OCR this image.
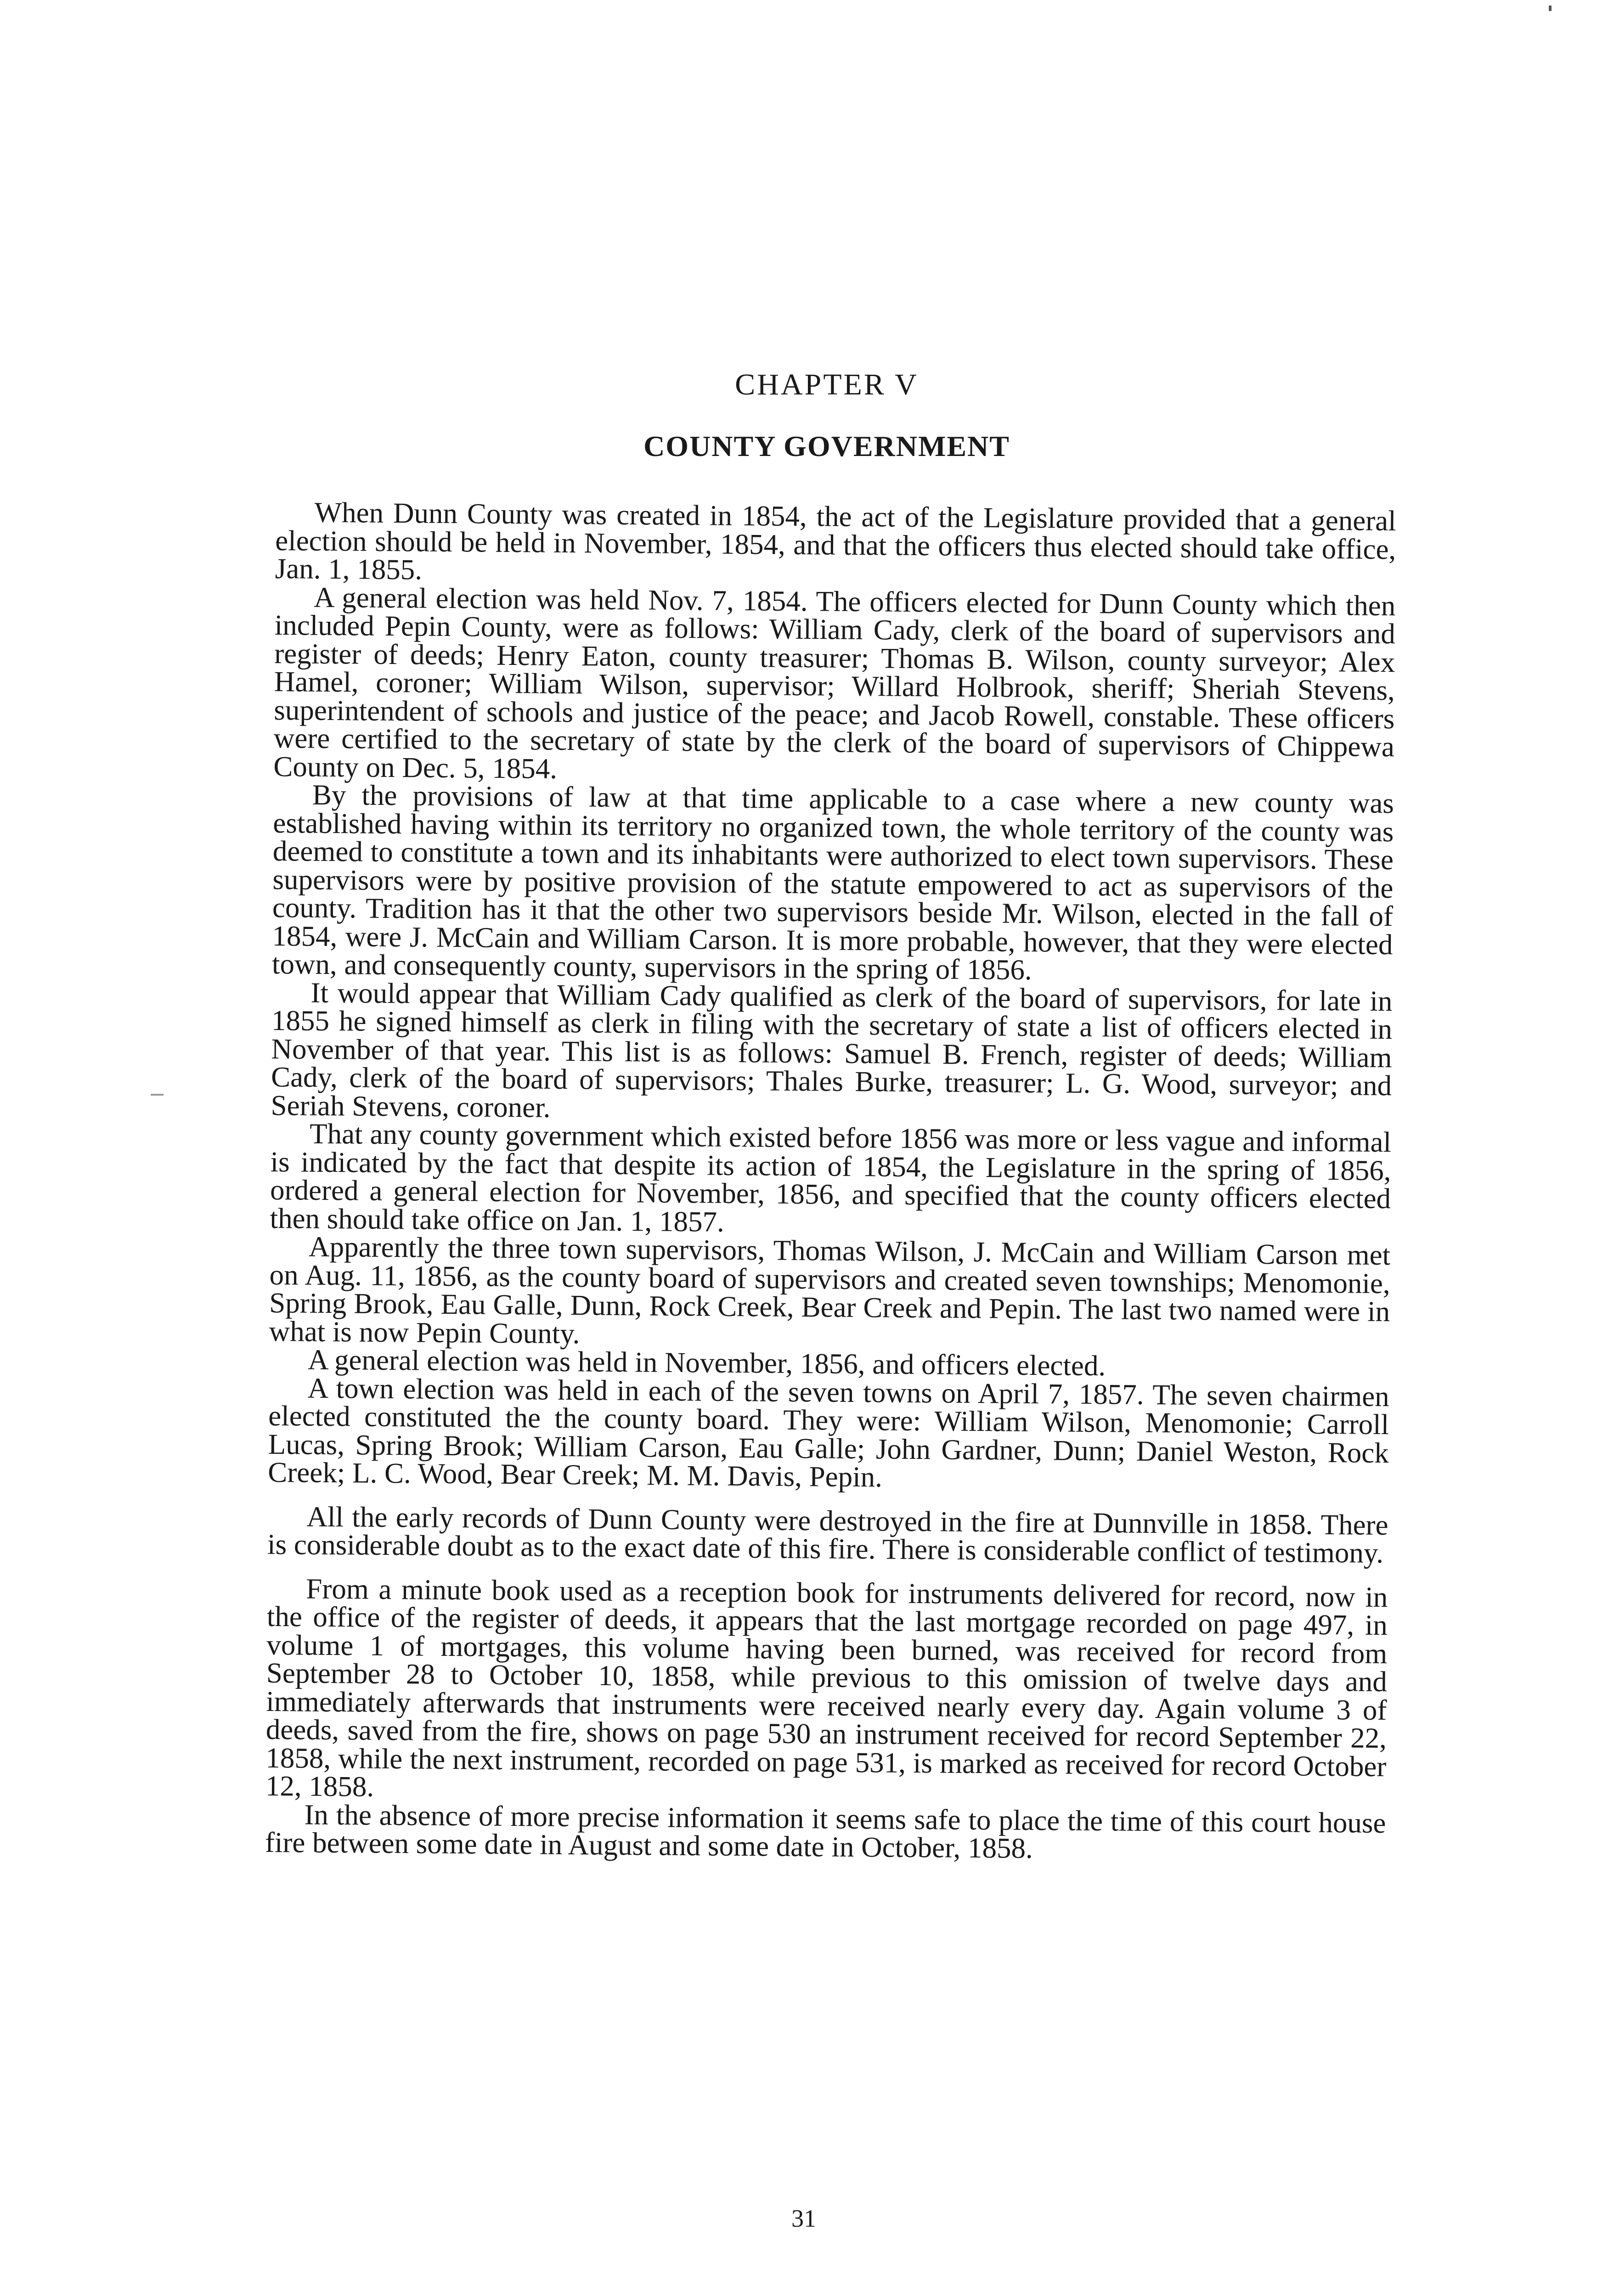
CHAPTER V
COUNTY GOVERNMENT

When Dunn County was created in 1854, the act of the Legislature provided that a general election should be held in November, 1854, and that the officers thus elected should take office, Jan. 1, 1855.

A general election was held Nov. 7, 1854. The officers elected for Dunn County which then included Pepin County, were as follows: William Cady, clerk of the board of supervisors and register of deeds; Henry Eaton, county treasurer; Thomas B. Wilson, county surveyor; Alex Hamel, coroner; William Wilson, supervisor; Willard Holbrook, sheriff; Sheriah Stevens, superintendent of schools and justice of the peace; and Jacob Rowell, constable. These officers were certified to the secretary of state by the clerk of the board of supervisors of Chippewa County on Dec. 5, 1854.

By the provisions of law at that time applicable to a case where a new county was established having within its territory no organized town, the whole territory of the county was deemed to constitute a town and its inhabitants were authorized to elect town supervisors. These supervisors were by positive provision of the statute empowered to act as supervisors of the county. Tradition has it that the other two supervisors beside Mr. Wilson, elected in the fall of 1854, were J. McCain and William Carson. It is more probable, however, that they were elected town, and consequently county, supervisors in the spring of 1856.

It would appear that William Cady qualified as clerk of the board of supervisors, for late in 1855 he signed himself as clerk in filing with the secretary of state a list of officers elected in November of that year. This list is as follows: Samuel B. French, register of deeds; William Cady, clerk of the board of supervisors; Thales Burke, treasurer; L. G. Wood, surveyor; and Seriah Stevens, coroner.

That any county government which existed before 1856 was more or less vague and informal is indicated by the fact that despite its action of 1854, the Legislature in the spring of 1856, ordered a general election for November, 1856, and specified that the county officers elected then should take office on Jan. 1, 1857.

Apparently the three town supervisors, Thomas Wilson, J. McCain and William Carson met on Aug. 11, 1856, as the county board of supervisors and created seven townships; Menomonie, Spring Brook, Eau Galle, Dunn, Rock Creek, Bear Creek and Pepin. The last two named were in what is now Pepin County.

A general election was held in November, 1856, and officers elected.

A town election was held in each of the seven towns on April 7, 1857. The seven chairmen elected constituted the the county board. They were: William Wilson, Menomonie; Carroll Lucas, Spring Brook; William Carson, Eau Galle; John Gardner, Dunn; Daniel Weston, Rock Creek; L. C. Wood, Bear Creek; M. M. Davis, Pepin.

All the early records of Dunn County were destroyed in the fire at Dunnville in 1858. There is considerable doubt as to the exact date of this fire. There is considerable conflict of testimony.

From a minute book used as a reception book for instruments delivered for record, now in the office of the register of deeds, it appears that the last mortgage recorded on page 497, in volume 1 of mortgages, this volume having been burned, was received for record from September 28 to October 10, 1858, while previous to this omission of twelve days and immediately afterwards that instruments were received nearly every day. Again volume 3 of deeds, saved from the fire, shows on page 530 an instrument received for record September 22, 1858, while the next instrument, recorded on page 531, is marked as received for record October 12, 1858.

In the absence of more precise information it seems safe to place the time of this court house fire between some date in August and some date in October, 1858.

31
